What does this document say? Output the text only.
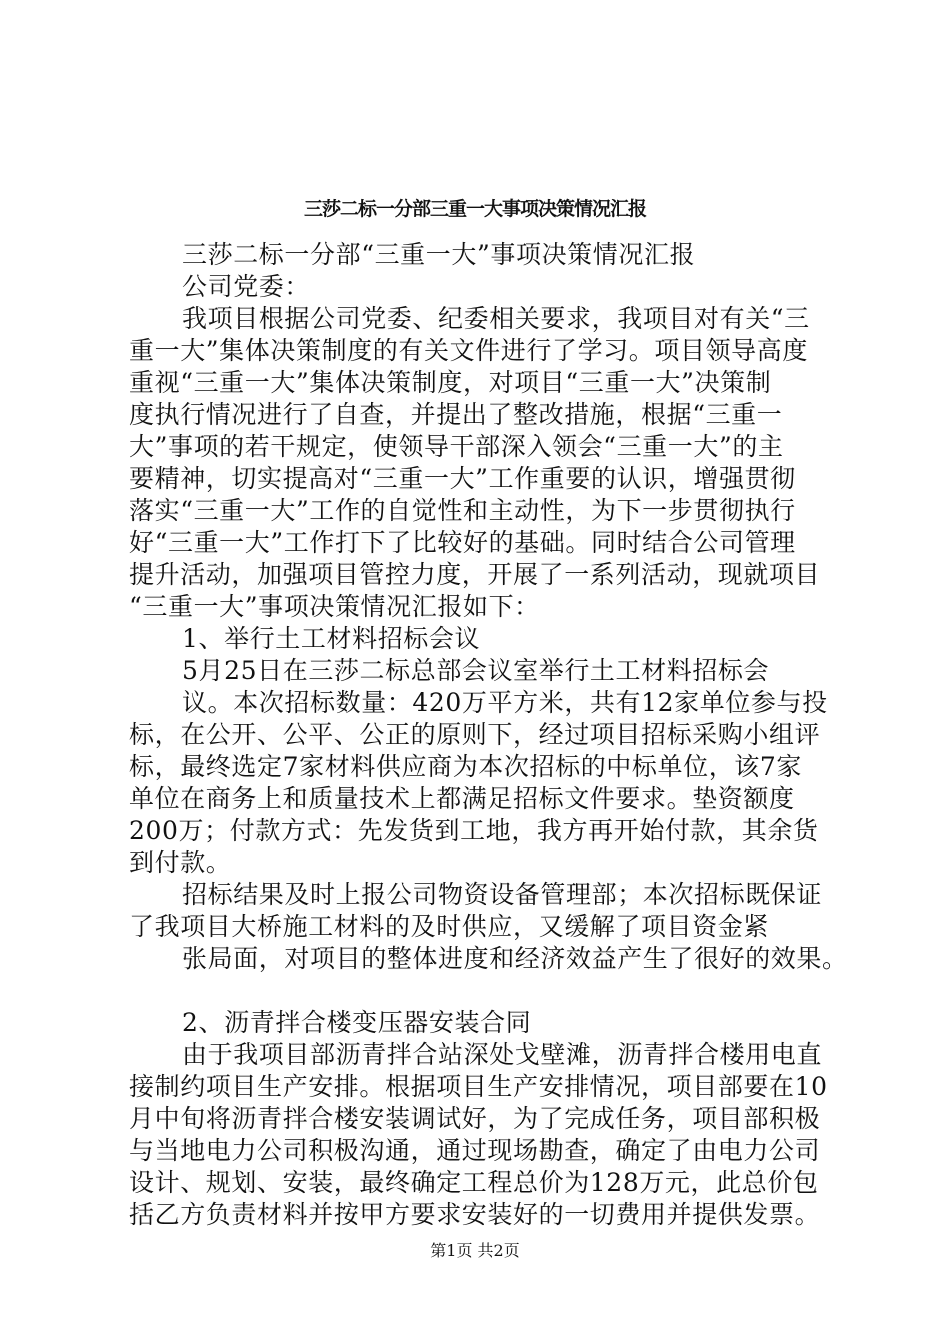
三莎二标一分部三重一大事项决策情况汇报
三莎二标一分部“三重一大”事项决策情况汇报
公司党委：
我项目根据公司党委、纪委相关要求，我项目对有关“三
重一大”集体决策制度的有关文件进行了学习。项目领导高度
重视“三重一大”集体决策制度，对项目“三重一大”决策制
度执行情况进行了自查，并提出了整改措施，根据“三重一
大”事项的若干规定，使领导干部深入领会“三重一大”的主
要精神，切实提高对“三重一大”工作重要的认识，增强贯彻
落实“三重一大”工作的自觉性和主动性，为下一步贯彻执行
好“三重一大”工作打下了比较好的基础。同时结合公司管理
提升活动，加强项目管控力度，开展了一系列活动，现就项目
“三重一大”事项决策情况汇报如下：
1、举行土工材料招标会议
5月25日在三莎二标总部会议室举行土工材料招标会
议。本次招标数量：420万平方米，共有12家单位参与投
标，在公开、公平、公正的原则下，经过项目招标采购小组评
标，最终选定7家材料供应商为本次招标的中标单位，该7家
单位在商务上和质量技术上都满足招标文件要求。垫资额度
200万；付款方式：先发货到工地，我方再开始付款，其余货
到付款。
招标结果及时上报公司物资设备管理部；本次招标既保证
了我项目大桥施工材料的及时供应，又缓解了项目资金紧
张局面，对项目的整体进度和经济效益产生了很好的效果。
2、沥青拌合楼变压器安装合同
由于我项目部沥青拌合站深处戈壁滩，沥青拌合楼用电直
接制约项目生产安排。根据项目生产安排情况，项目部要在10
月中旬将沥青拌合楼安装调试好，为了完成任务，项目部积极
与当地电力公司积极沟通，通过现场勘查，确定了由电力公司
设计、规划、安装，最终确定工程总价为128万元，此总价包
括乙方负责材料并按甲方要求安装好的一切费用并提供发票。
第1页 共2页
